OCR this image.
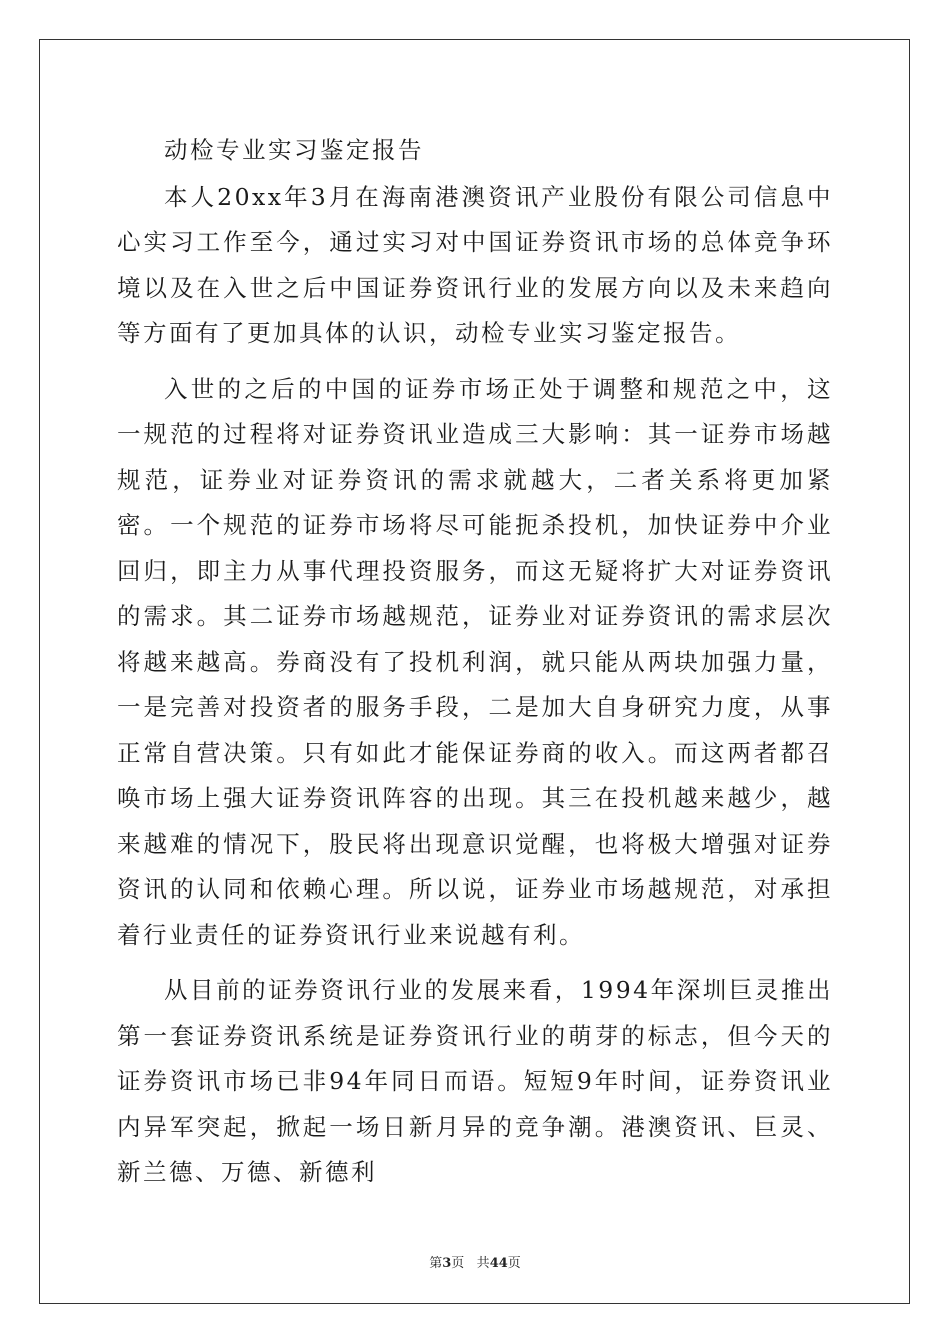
动检专业实习鉴定报告

本人20xx年3月在海南港澳资讯产业股份有限公司信息中心实习工作至今，通过实习对中国证券资讯市场的总体竞争环境以及在入世之后中国证券资讯行业的发展方向以及未来趋向等方面有了更加具体的认识，动检专业实习鉴定报告。

入世的之后的中国的证券市场正处于调整和规范之中，这一规范的过程将对证券资讯业造成三大影响：其一证券市场越规范，证券业对证券资讯的需求就越大，二者关系将更加紧密。一个规范的证券市场将尽可能扼杀投机，加快证券中介业回归，即主力从事代理投资服务，而这无疑将扩大对证券资讯的需求。其二证券市场越规范，证券业对证券资讯的需求层次将越来越高。券商没有了投机利润，就只能从两块加强力量，一是完善对投资者的服务手段，二是加大自身研究力度，从事正常自营决策。只有如此才能保证券商的收入。而这两者都召唤市场上强大证券资讯阵容的出现。其三在投机越来越少，越来越难的情况下，股民将出现意识觉醒，也将极大增强对证券资讯的认同和依赖心理。所以说，证券业市场越规范，对承担着行业责任的证券资讯行业来说越有利。

从目前的证券资讯行业的发展来看，1994年深圳巨灵推出第一套证券资讯系统是证券资讯行业的萌芽的标志，但今天的证券资讯市场已非94年同日而语。短短9年时间，证券资讯业内异军突起，掀起一场日新月异的竞争潮。港澳资讯、巨灵、新兰德、万德、新德利

第3页 共44页
